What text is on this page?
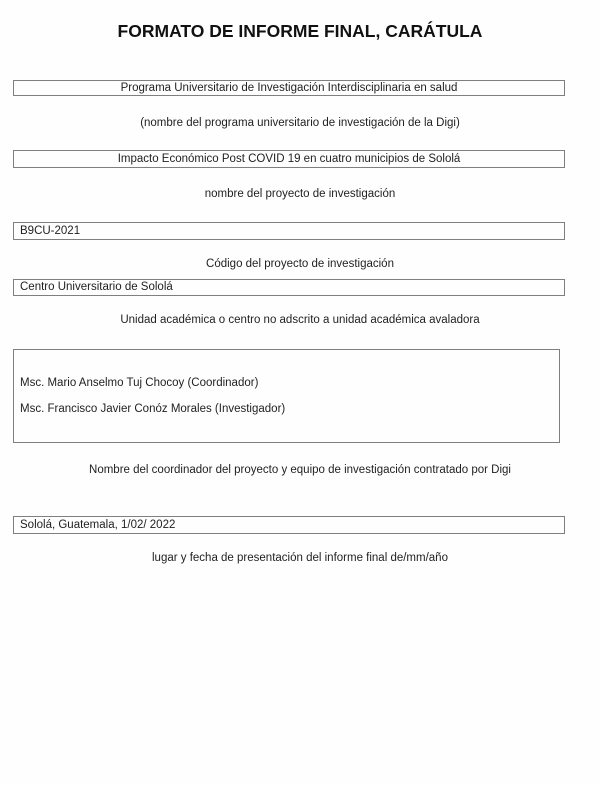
FORMATO DE INFORME FINAL, CARÁTULA
Programa Universitario de Investigación Interdisciplinaria en salud
(nombre del programa universitario de investigación de la Digi)
Impacto Económico Post COVID 19 en cuatro municipios de Sololá
nombre del proyecto de investigación
B9CU-2021
Código del proyecto de investigación
Centro Universitario de Sololá
Unidad académica o centro no adscrito a unidad académica avaladora
Msc. Mario Anselmo Tuj Chocoy (Coordinador)
Msc. Francisco Javier Conóz Morales (Investigador)
Nombre del coordinador del proyecto y equipo de investigación contratado por Digi
Sololá, Guatemala, 1/02/ 2022
lugar y fecha de presentación del informe final de/mm/año
